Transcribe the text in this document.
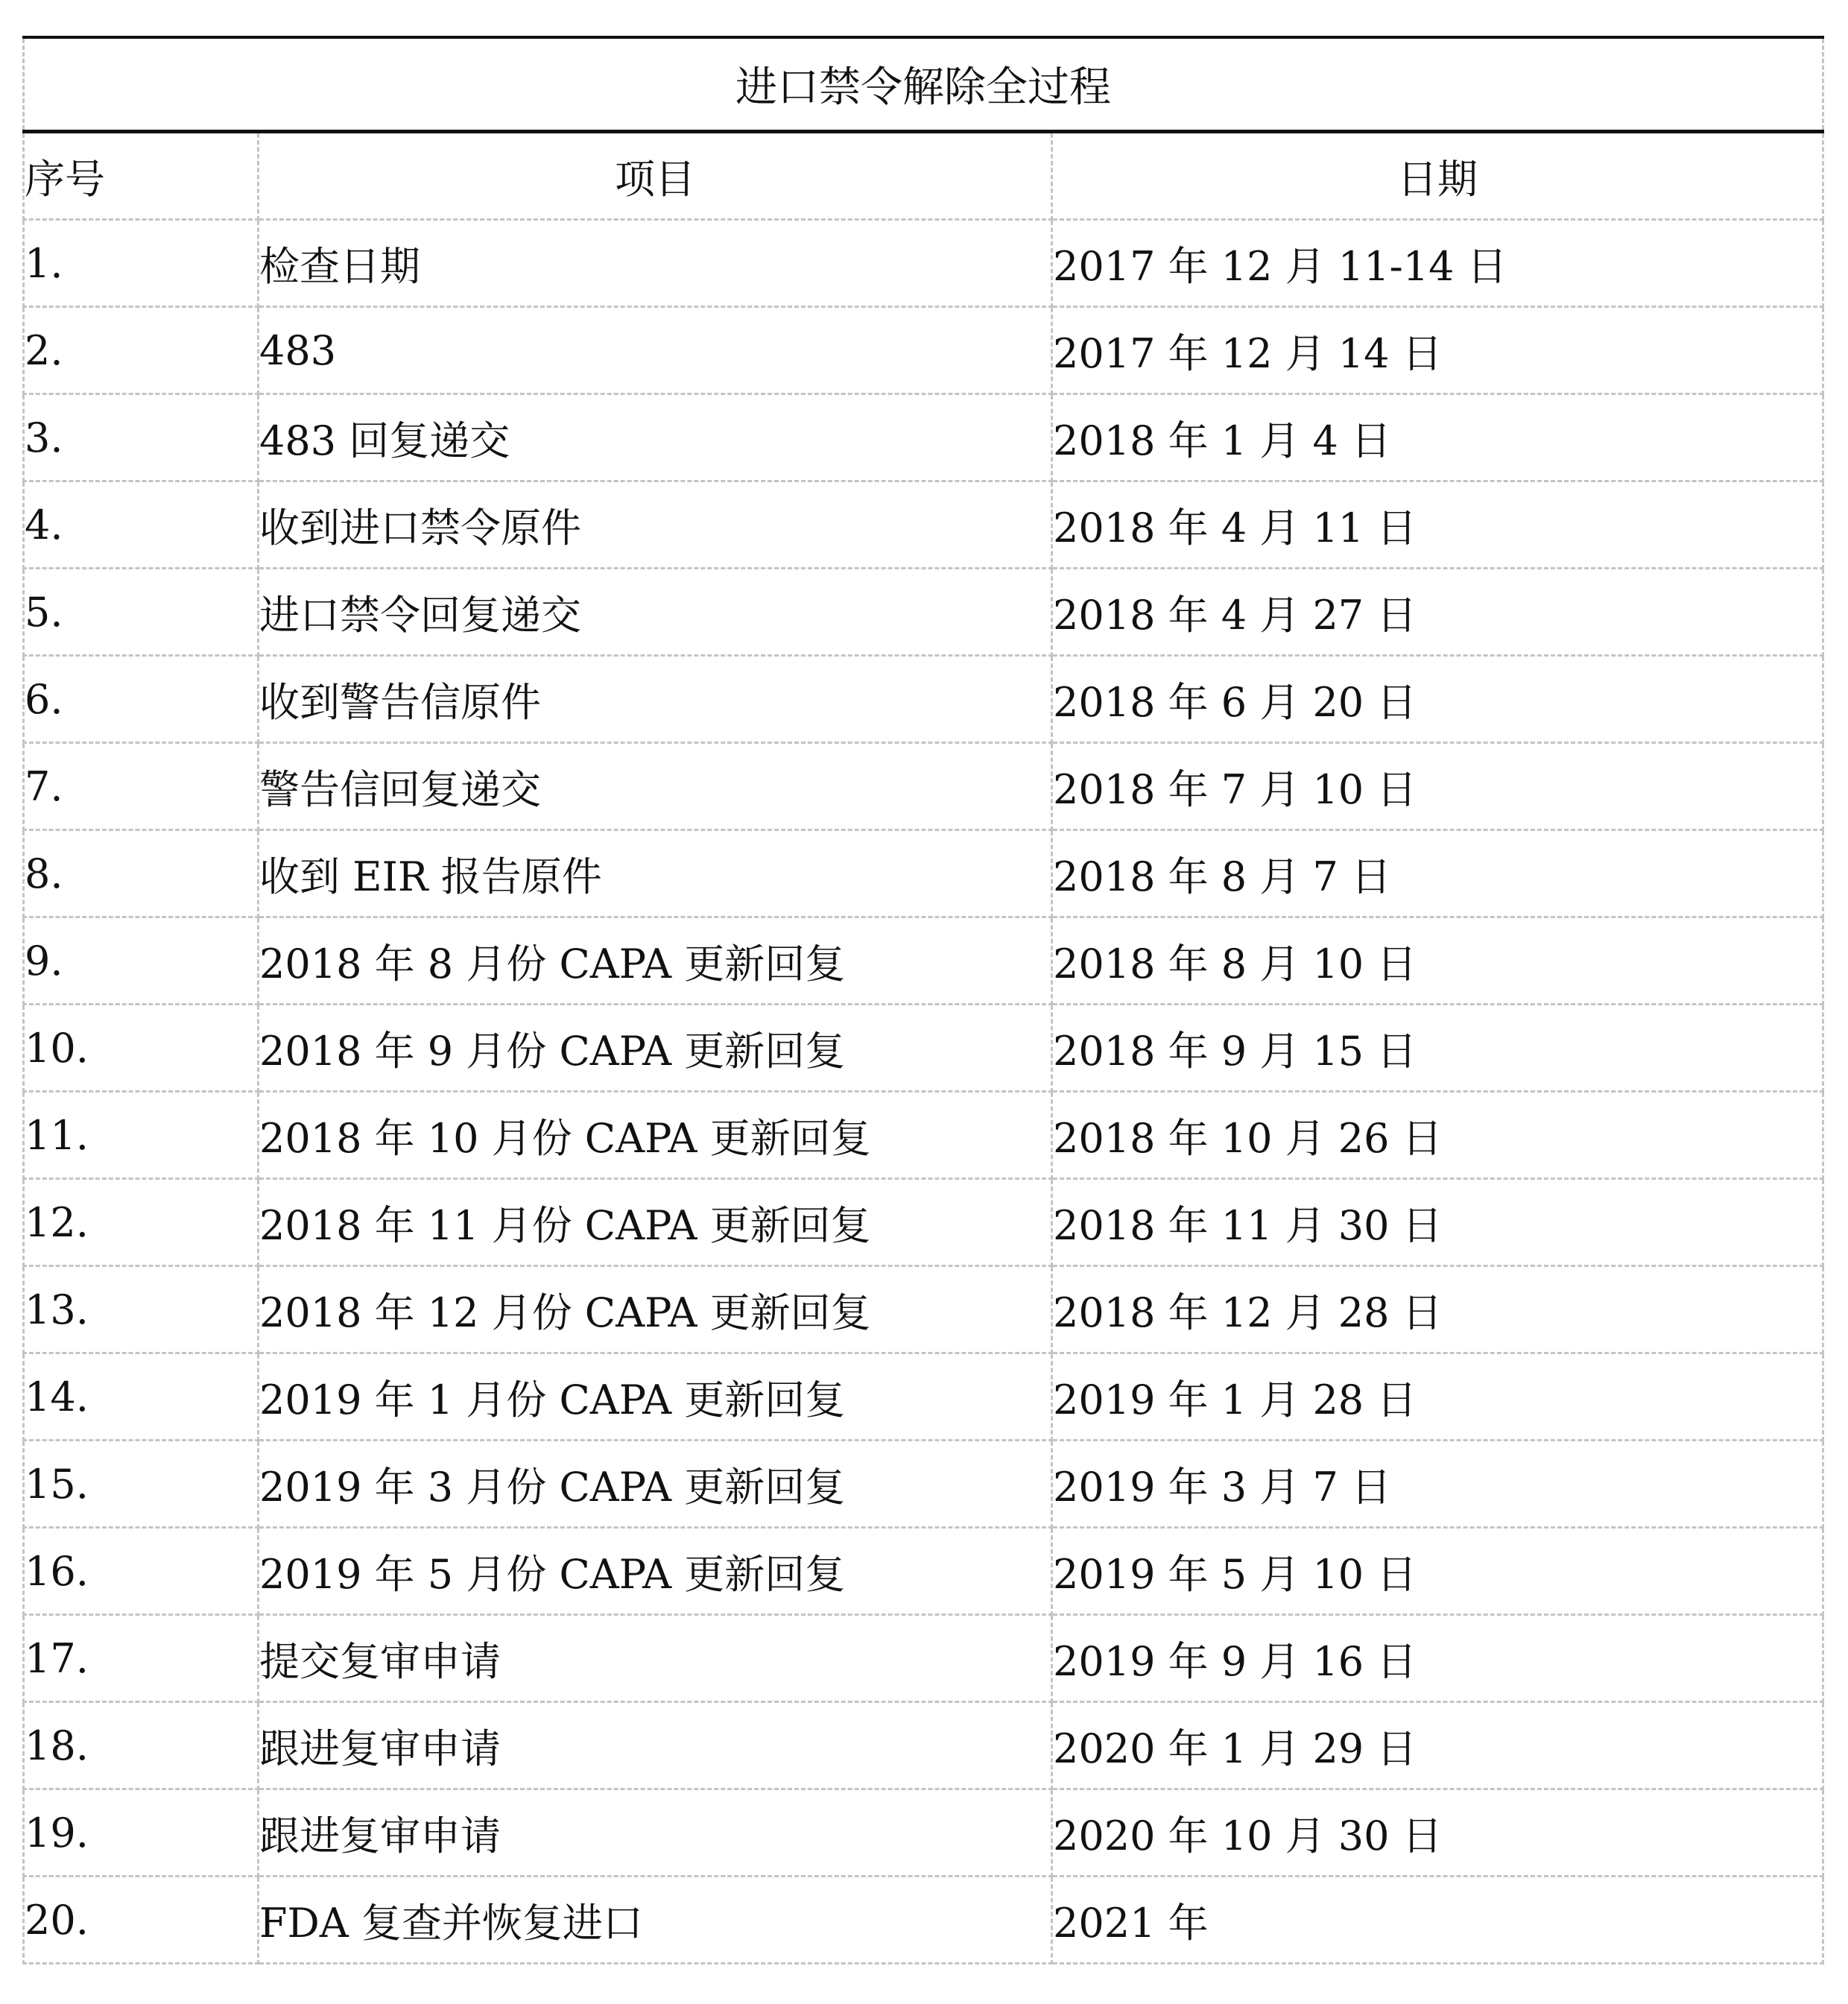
进口禁令解除全过程		
序号	项目	日期
1.	检查日期	2017 年 12 月 11-14 日
2.	483	2017 年 12 月 14 日
3.	483 回复递交	2018 年 1 月 4 日
4.	收到进口禁令原件	2018 年 4 月 11 日
5.	进口禁令回复递交	2018 年 4 月 27 日
6.	收到警告信原件	2018 年 6 月 20 日
7.	警告信回复递交	2018 年 7 月 10 日
8.	收到 EIR 报告原件	2018 年 8 月 7 日
9.	2018 年 8 月份 CAPA 更新回复	2018 年 8 月 10 日
10.	2018 年 9 月份 CAPA 更新回复	2018 年 9 月 15 日
11.	2018 年 10 月份 CAPA 更新回复	2018 年 10 月 26 日
12.	2018 年 11 月份 CAPA 更新回复	2018 年 11 月 30 日
13.	2018 年 12 月份 CAPA 更新回复	2018 年 12 月 28 日
14.	2019 年 1 月份 CAPA 更新回复	2019 年 1 月 28 日
15.	2019 年 3 月份 CAPA 更新回复	2019 年 3 月 7 日
16.	2019 年 5 月份 CAPA 更新回复	2019 年 5 月 10 日
17.	提交复审申请	2019 年 9 月 16 日
18.	跟进复审申请	2020 年 1 月 29 日
19.	跟进复审申请	2020 年 10 月 30 日
20.	FDA 复查并恢复进口	2021 年
